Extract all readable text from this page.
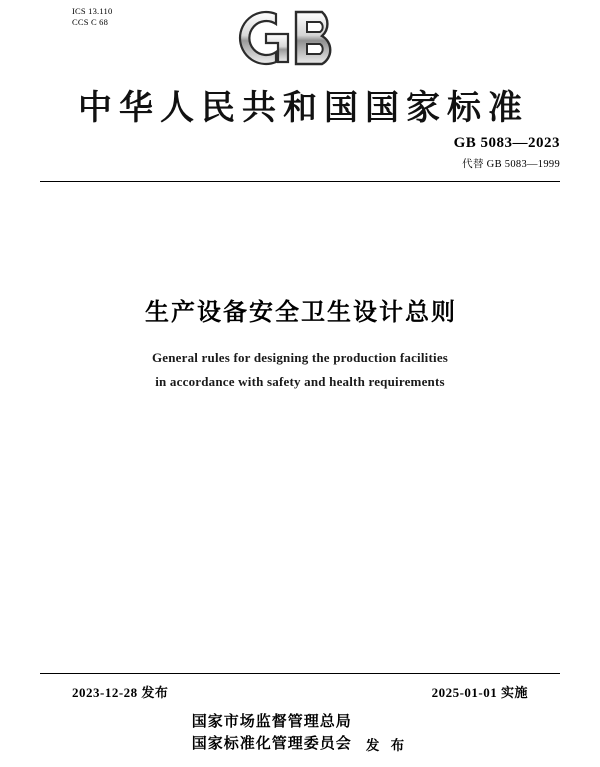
ICS 13.110
CCS C 68
中华人民共和国国家标准
GB 5083—2023
代替 GB 5083—1999
生产设备安全卫生设计总则
General rules for designing the production facilities
in accordance with safety and health requirements
2023-12-28 发布	2025-01-01 实施
国家市场监督管理总局
国家标准化管理委员会	发 布
